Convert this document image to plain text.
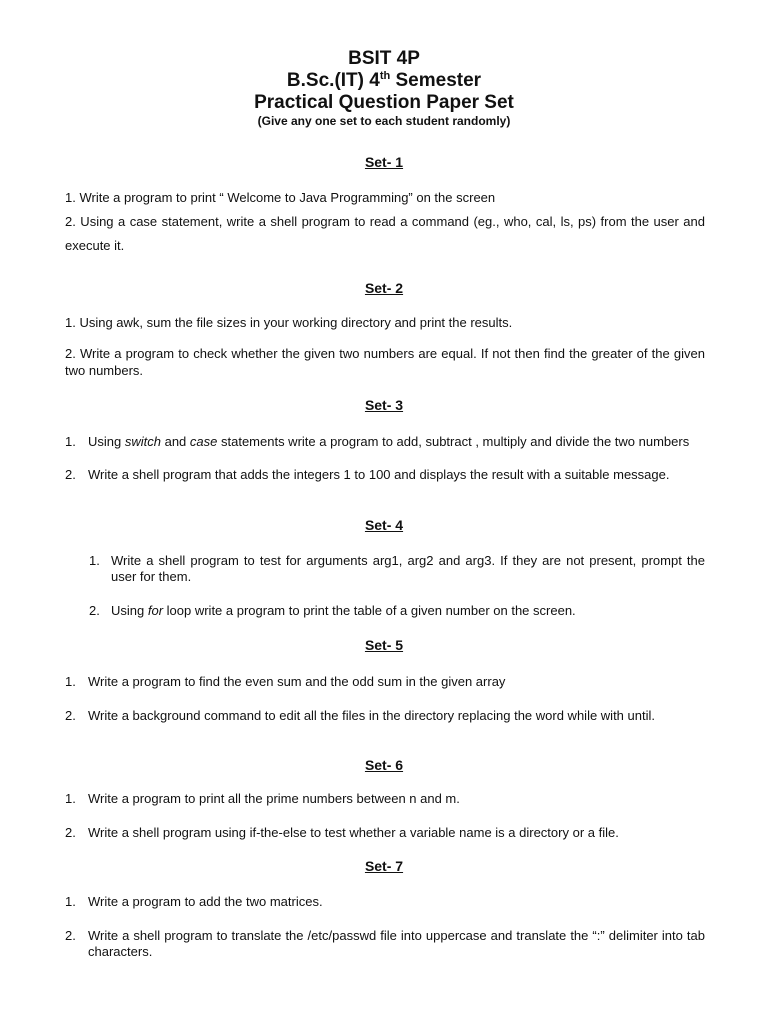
BSIT 4P
B.Sc.(IT) 4th Semester
Practical Question Paper Set
(Give any one set to each student randomly)
Set- 1
1. Write a program to print “ Welcome to Java Programming” on the screen
2. Using a case statement, write a shell program to read a command (eg., who, cal, ls, ps) from the user and execute it.
Set- 2
1. Using awk, sum the file sizes in your working directory and print the results.
2. Write a program to check whether the given two numbers are equal. If not then find the greater of the given two numbers.
Set- 3
1. Using switch and case statements write a program to add, subtract , multiply and divide the two numbers
2. Write a shell program that adds the integers 1 to 100 and displays the result with a suitable message.
Set- 4
1. Write a shell program to test for arguments arg1, arg2 and arg3. If they are not present, prompt the user for them.
2. Using for loop write a program to print the table of a given number on the screen.
Set- 5
1. Write a program to find the even sum and the odd sum in the given array
2. Write a background command to edit all the files in the directory replacing the word while with until.
Set- 6
1. Write a program to print all the prime numbers between n and m.
2. Write a shell program using if-the-else to test whether a variable name is a directory or a file.
Set- 7
1. Write a program to add the two matrices.
2. Write a shell program to translate the /etc/passwd file into uppercase and translate the “:” delimiter into tab characters.
